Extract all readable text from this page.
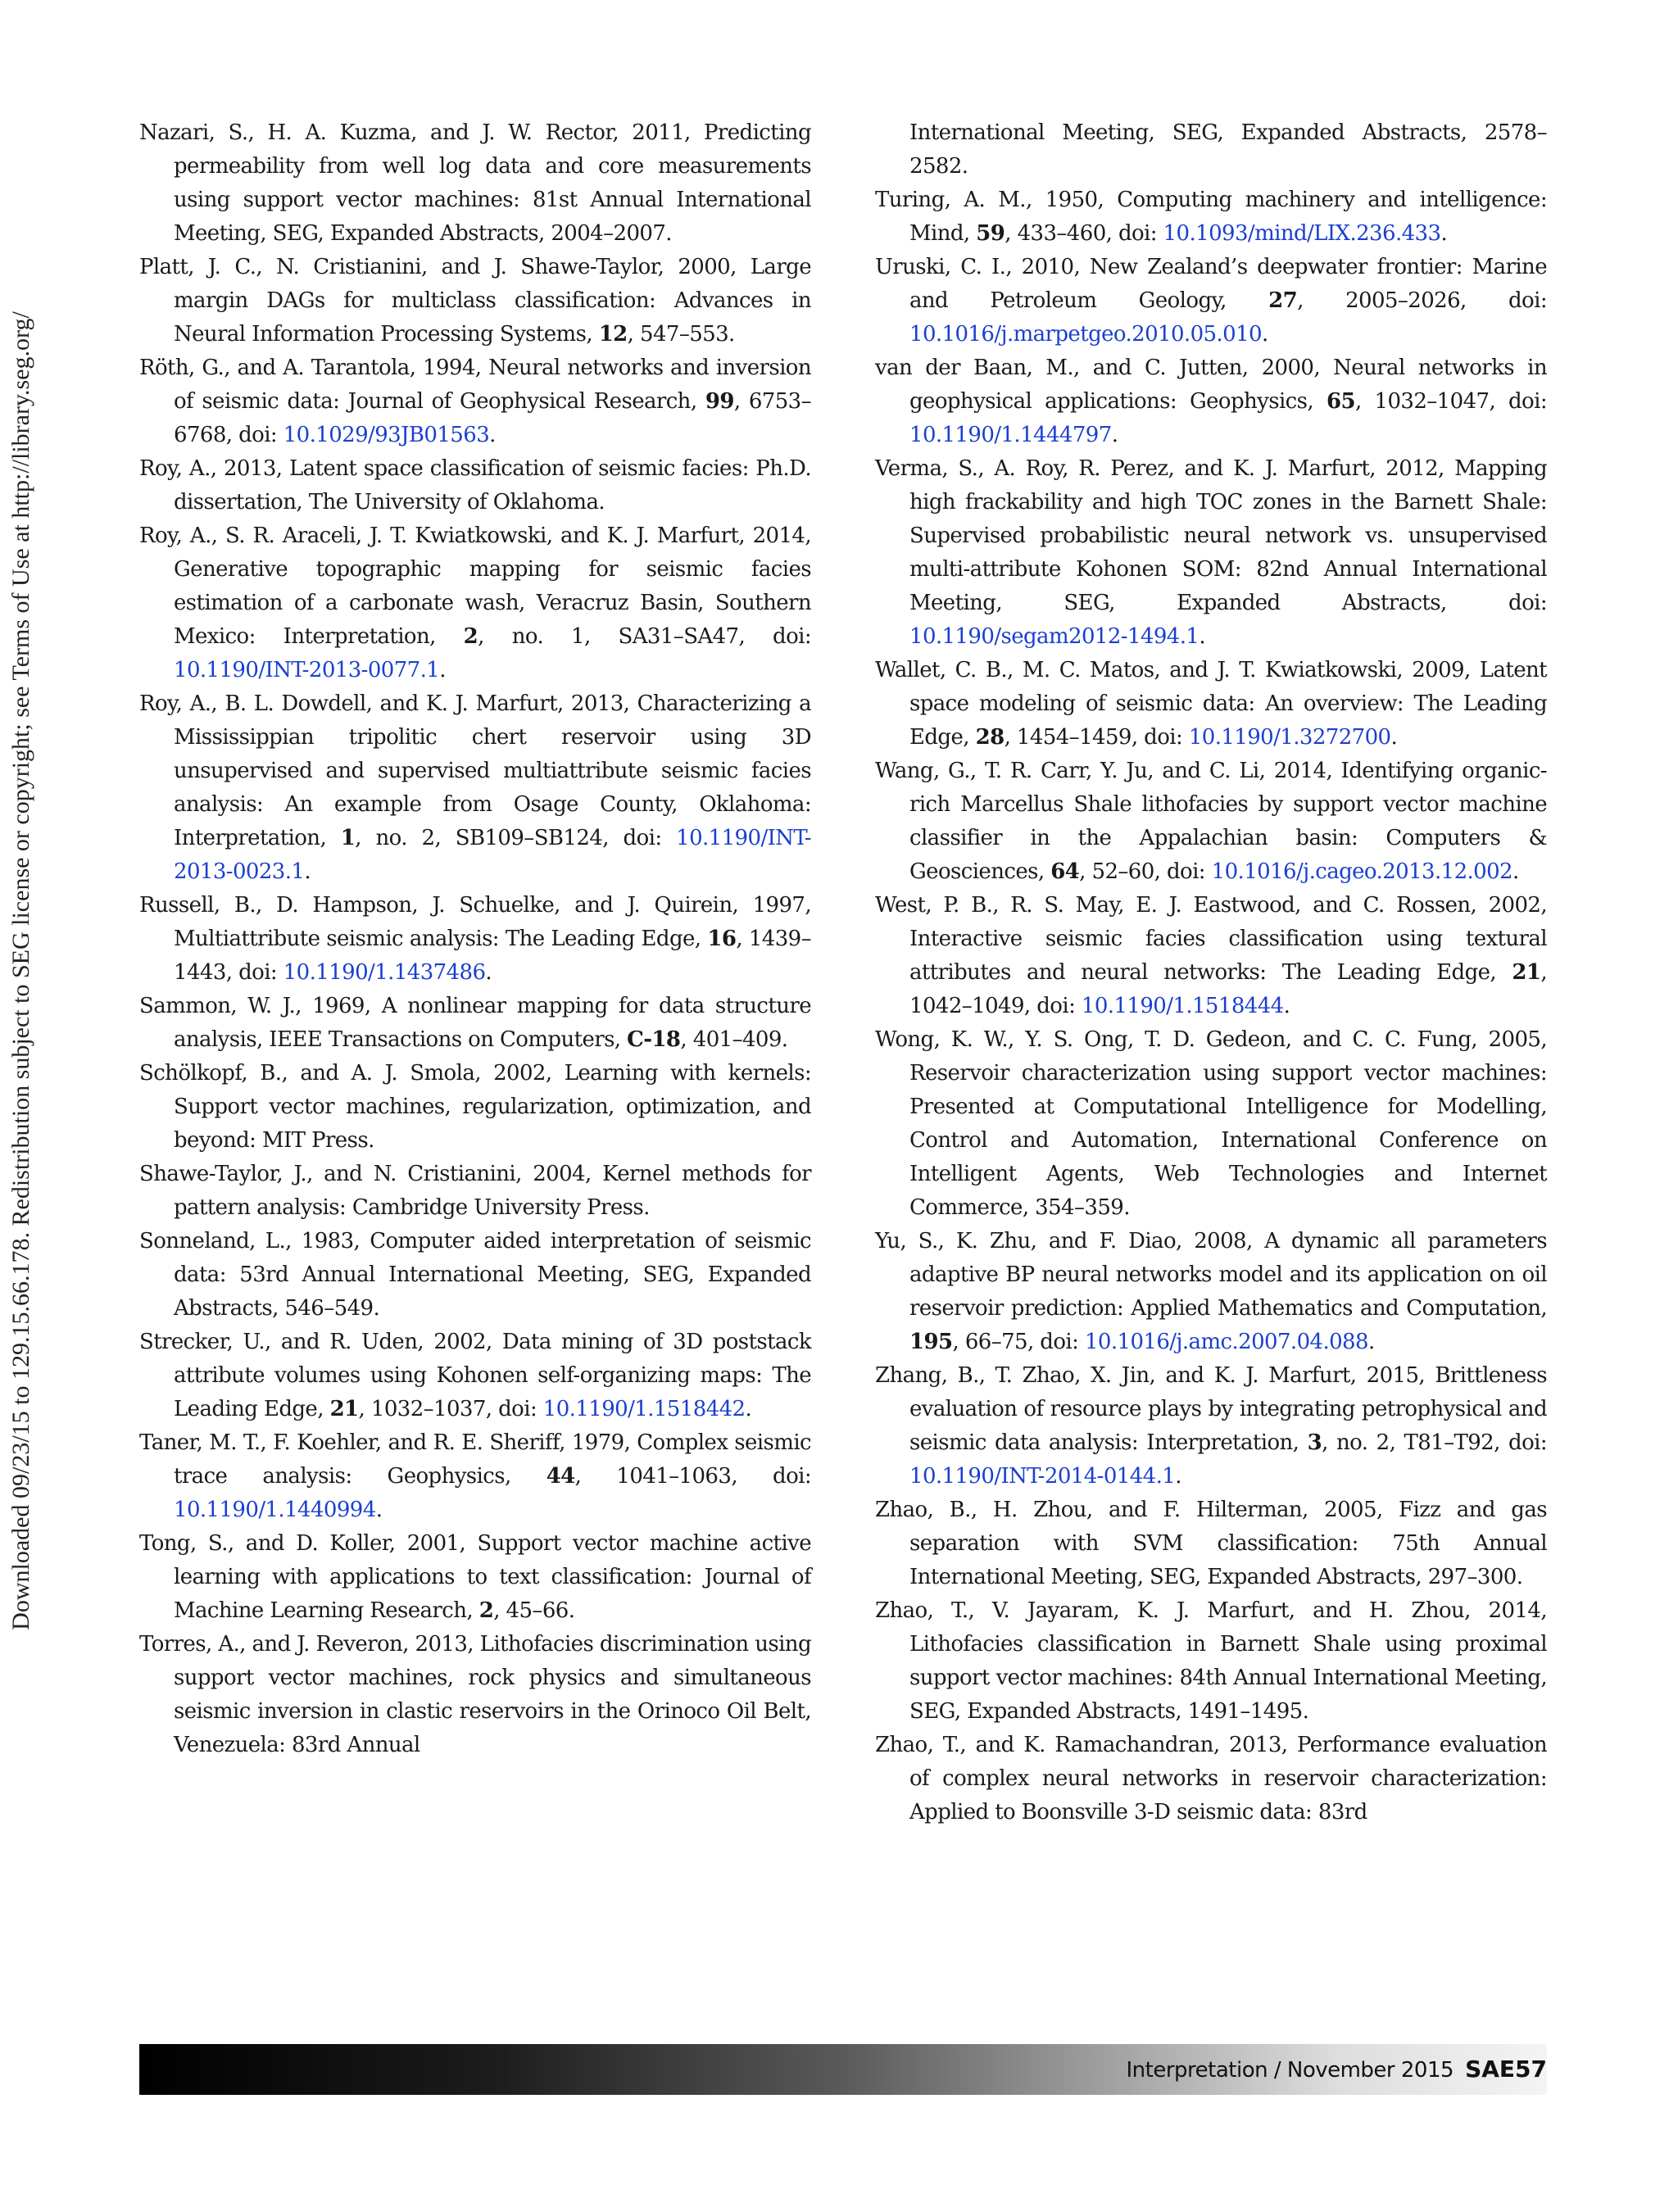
Downloaded 09/23/15 to 129.15.66.178. Redistribution subject to SEG license or copyright; see Terms of Use at http://library.seg.org/

Nazari, S., H. A. Kuzma, and J. W. Rector, 2011, Predicting permeability from well log data and core measurements using support vector machines: 81st Annual International Meeting, SEG, Expanded Abstracts, 2004–2007.

Platt, J. C., N. Cristianini, and J. Shawe-Taylor, 2000, Large margin DAGs for multiclass classification: Advances in Neural Information Processing Systems, 12, 547–553.

Röth, G., and A. Tarantola, 1994, Neural networks and inversion of seismic data: Journal of Geophysical Research, 99, 6753–6768, doi: 10.1029/93JB01563.

Roy, A., 2013, Latent space classification of seismic facies: Ph.D. dissertation, The University of Oklahoma.

Roy, A., S. R. Araceli, J. T. Kwiatkowski, and K. J. Marfurt, 2014, Generative topographic mapping for seismic facies estimation of a carbonate wash, Veracruz Basin, Southern Mexico: Interpretation, 2, no. 1, SA31–SA47, doi: 10.1190/INT-2013-0077.1.

Roy, A., B. L. Dowdell, and K. J. Marfurt, 2013, Characterizing a Mississippian tripolitic chert reservoir using 3D unsupervised and supervised multiattribute seismic facies analysis: An example from Osage County, Oklahoma: Interpretation, 1, no. 2, SB109–SB124, doi: 10.1190/INT-2013-0023.1.

Russell, B., D. Hampson, J. Schuelke, and J. Quirein, 1997, Multiattribute seismic analysis: The Leading Edge, 16, 1439–1443, doi: 10.1190/1.1437486.

Sammon, W. J., 1969, A nonlinear mapping for data structure analysis, IEEE Transactions on Computers, C-18, 401–409.

Schölkopf, B., and A. J. Smola, 2002, Learning with kernels: Support vector machines, regularization, optimization, and beyond: MIT Press.

Shawe-Taylor, J., and N. Cristianini, 2004, Kernel methods for pattern analysis: Cambridge University Press.

Sonneland, L., 1983, Computer aided interpretation of seismic data: 53rd Annual International Meeting, SEG, Expanded Abstracts, 546–549.

Strecker, U., and R. Uden, 2002, Data mining of 3D poststack attribute volumes using Kohonen self-organizing maps: The Leading Edge, 21, 1032–1037, doi: 10.1190/1.1518442.

Taner, M. T., F. Koehler, and R. E. Sheriff, 1979, Complex seismic trace analysis: Geophysics, 44, 1041–1063, doi: 10.1190/1.1440994.

Tong, S., and D. Koller, 2001, Support vector machine active learning with applications to text classification: Journal of Machine Learning Research, 2, 45–66.

Torres, A., and J. Reveron, 2013, Lithofacies discrimination using support vector machines, rock physics and simultaneous seismic inversion in clastic reservoirs in the Orinoco Oil Belt, Venezuela: 83rd Annual

International Meeting, SEG, Expanded Abstracts, 2578–2582.

Turing, A. M., 1950, Computing machinery and intelligence: Mind, 59, 433–460, doi: 10.1093/mind/LIX.236.433.

Uruski, C. I., 2010, New Zealand’s deepwater frontier: Marine and Petroleum Geology, 27, 2005–2026, doi: 10.1016/j.marpetgeo.2010.05.010.

van der Baan, M., and C. Jutten, 2000, Neural networks in geophysical applications: Geophysics, 65, 1032–1047, doi: 10.1190/1.1444797.

Verma, S., A. Roy, R. Perez, and K. J. Marfurt, 2012, Mapping high frackability and high TOC zones in the Barnett Shale: Supervised probabilistic neural network vs. unsupervised multi-attribute Kohonen SOM: 82nd Annual International Meeting, SEG, Expanded Abstracts, doi: 10.1190/segam2012-1494.1.

Wallet, C. B., M. C. Matos, and J. T. Kwiatkowski, 2009, Latent space modeling of seismic data: An overview: The Leading Edge, 28, 1454–1459, doi: 10.1190/1.3272700.

Wang, G., T. R. Carr, Y. Ju, and C. Li, 2014, Identifying organic-rich Marcellus Shale lithofacies by support vector machine classifier in the Appalachian basin: Computers & Geosciences, 64, 52–60, doi: 10.1016/j.cageo.2013.12.002.

West, P. B., R. S. May, E. J. Eastwood, and C. Rossen, 2002, Interactive seismic facies classification using textural attributes and neural networks: The Leading Edge, 21, 1042–1049, doi: 10.1190/1.1518444.

Wong, K. W., Y. S. Ong, T. D. Gedeon, and C. C. Fung, 2005, Reservoir characterization using support vector machines: Presented at Computational Intelligence for Modelling, Control and Automation, International Conference on Intelligent Agents, Web Technologies and Internet Commerce, 354–359.

Yu, S., K. Zhu, and F. Diao, 2008, A dynamic all parameters adaptive BP neural networks model and its application on oil reservoir prediction: Applied Mathematics and Computation, 195, 66–75, doi: 10.1016/j.amc.2007.04.088.

Zhang, B., T. Zhao, X. Jin, and K. J. Marfurt, 2015, Brittleness evaluation of resource plays by integrating petrophysical and seismic data analysis: Interpretation, 3, no. 2, T81–T92, doi: 10.1190/INT-2014-0144.1.

Zhao, B., H. Zhou, and F. Hilterman, 2005, Fizz and gas separation with SVM classification: 75th Annual International Meeting, SEG, Expanded Abstracts, 297–300.

Zhao, T., V. Jayaram, K. J. Marfurt, and H. Zhou, 2014, Lithofacies classification in Barnett Shale using proximal support vector machines: 84th Annual International Meeting, SEG, Expanded Abstracts, 1491–1495.

Zhao, T., and K. Ramachandran, 2013, Performance evaluation of complex neural networks in reservoir characterization: Applied to Boonsville 3-D seismic data: 83rd

Interpretation / November 2015 SAE57
